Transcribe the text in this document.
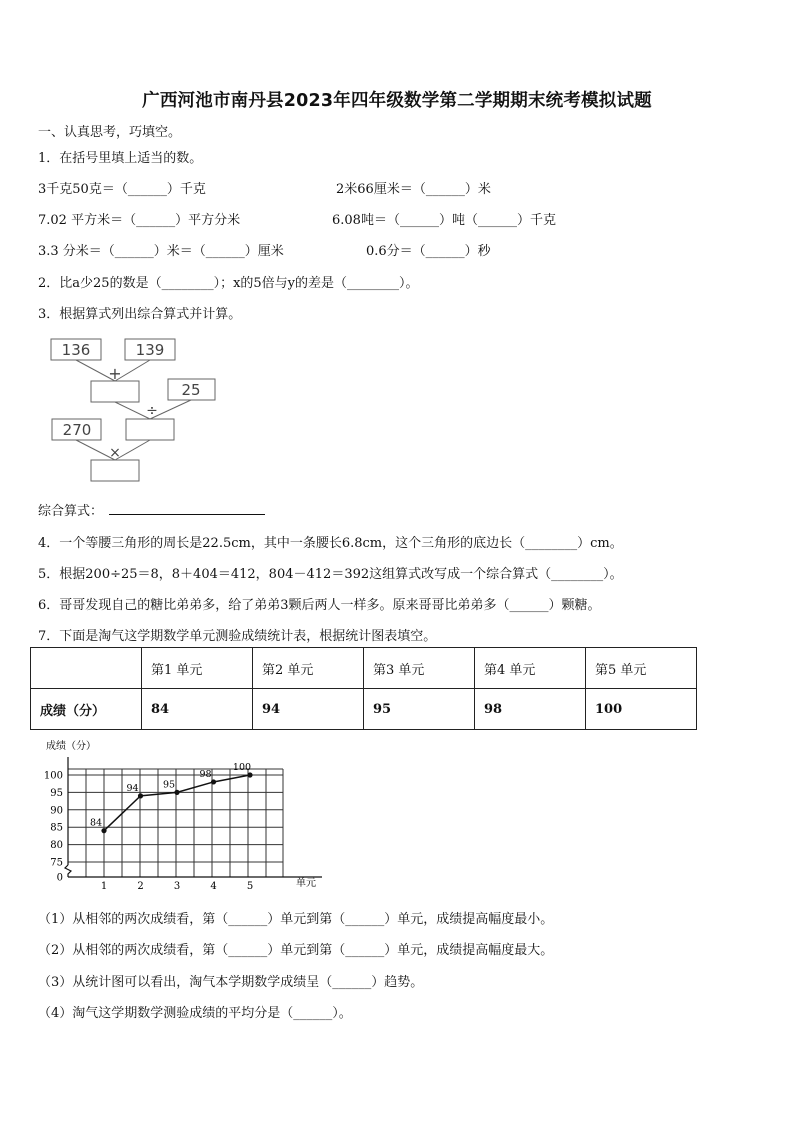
广西河池市南丹县2023年四年级数学第二学期期末统考模拟试题
一、认真思考，巧填空。
1．在括号里填上适当的数。
3千克50克＝（______）千克	2米66厘米＝（______）米
7.02 平方米＝（______）平方分米	6.08吨＝（______）吨（______）千克
3.3 分米＝（______）米＝（______）厘米	0.6分＝（______）秒
2．比a少25的数是（________）；x的5倍与y的差是（________）。
3．根据算式列出综合算式并计算。
136	139
25
270
+
÷
×
综合算式：
4．一个等腰三角形的周长是22.5cm，其中一条腰长6.8cm，这个三角形的底边长（________）cm。
5．根据200÷25＝8，8＋404＝412，804－412＝392这组算式改写成一个综合算式（________）。
6．哥哥发现自己的糖比弟弟多，给了弟弟3颗后两人一样多。原来哥哥比弟弟多（______）颗糖。
7．下面是淘气这学期数学单元测验成绩统计表，根据统计图表填空。
	第1 单元	第2 单元	第3 单元	第4 单元	第5 单元
成绩（分）	84	94	95	98	100
0
75
80
85
90
95
100
1	2	3	4	5
84
94	95
98
100
成绩（分）
单元
（1）从相邻的两次成绩看，第（______）单元到第（______）单元，成绩提高幅度最小。
（2）从相邻的两次成绩看，第（______）单元到第（______）单元，成绩提高幅度最大。
（3）从统计图可以看出，淘气本学期数学成绩呈（______）趋势。
（4）淘气这学期数学测验成绩的平均分是（______）。
